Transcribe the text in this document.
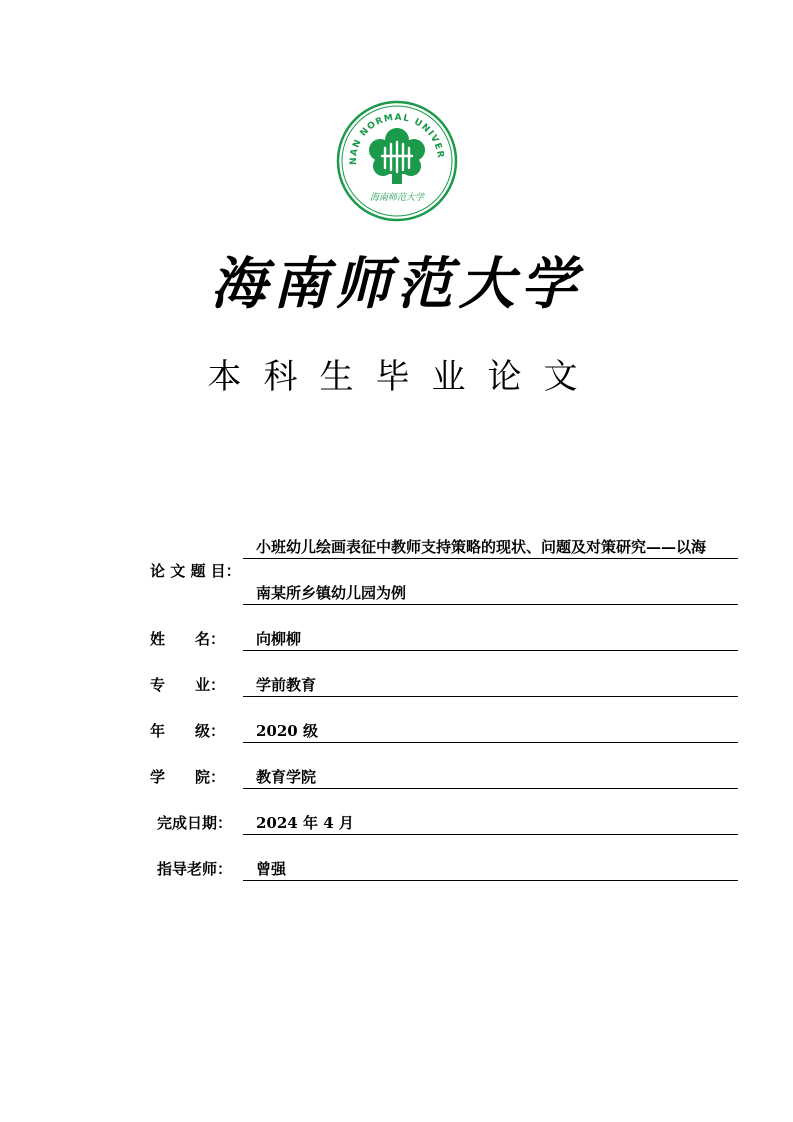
NAN NORMAL UNIVER
海南师范大学
海南师范大学
本科生毕业论文
论 文 题 目：
小班幼儿绘画表征中教师支持策略的现状、问题及对策研究——以海
南某所乡镇幼儿园为例
姓　　名： 向柳柳
专　　业： 学前教育
年　　级： 2020 级
学　　院： 教育学院
完成日期： 2024 年 4 月
指导老师： 曾强
